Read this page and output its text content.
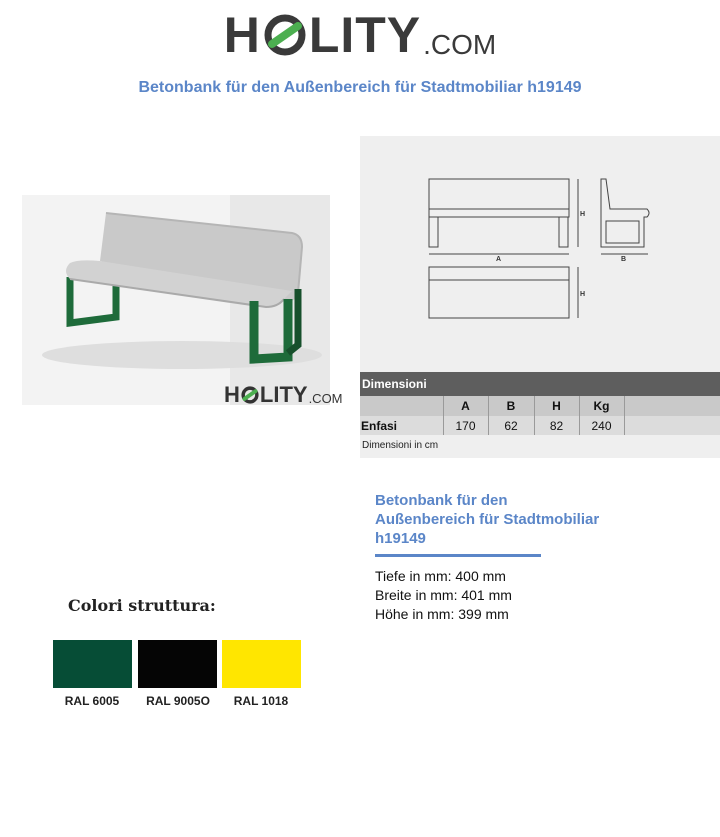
H LITY .COM
Betonbank für den Außenbereich für Stadtmobiliar h19149
H LITY .COM
H
A	B
H
Dimensioni
	A	B	H	Kg	
Enfasi	170	62	82	240	
Dimensioni in cm
Betonbank für den
Außenbereich für Stadtmobiliar
h19149
Tiefe in mm: 400 mm
Breite in mm: 401 mm
Höhe in mm: 399 mm
Colori struttura:
RAL 6005	RAL 9005O	RAL 1018
